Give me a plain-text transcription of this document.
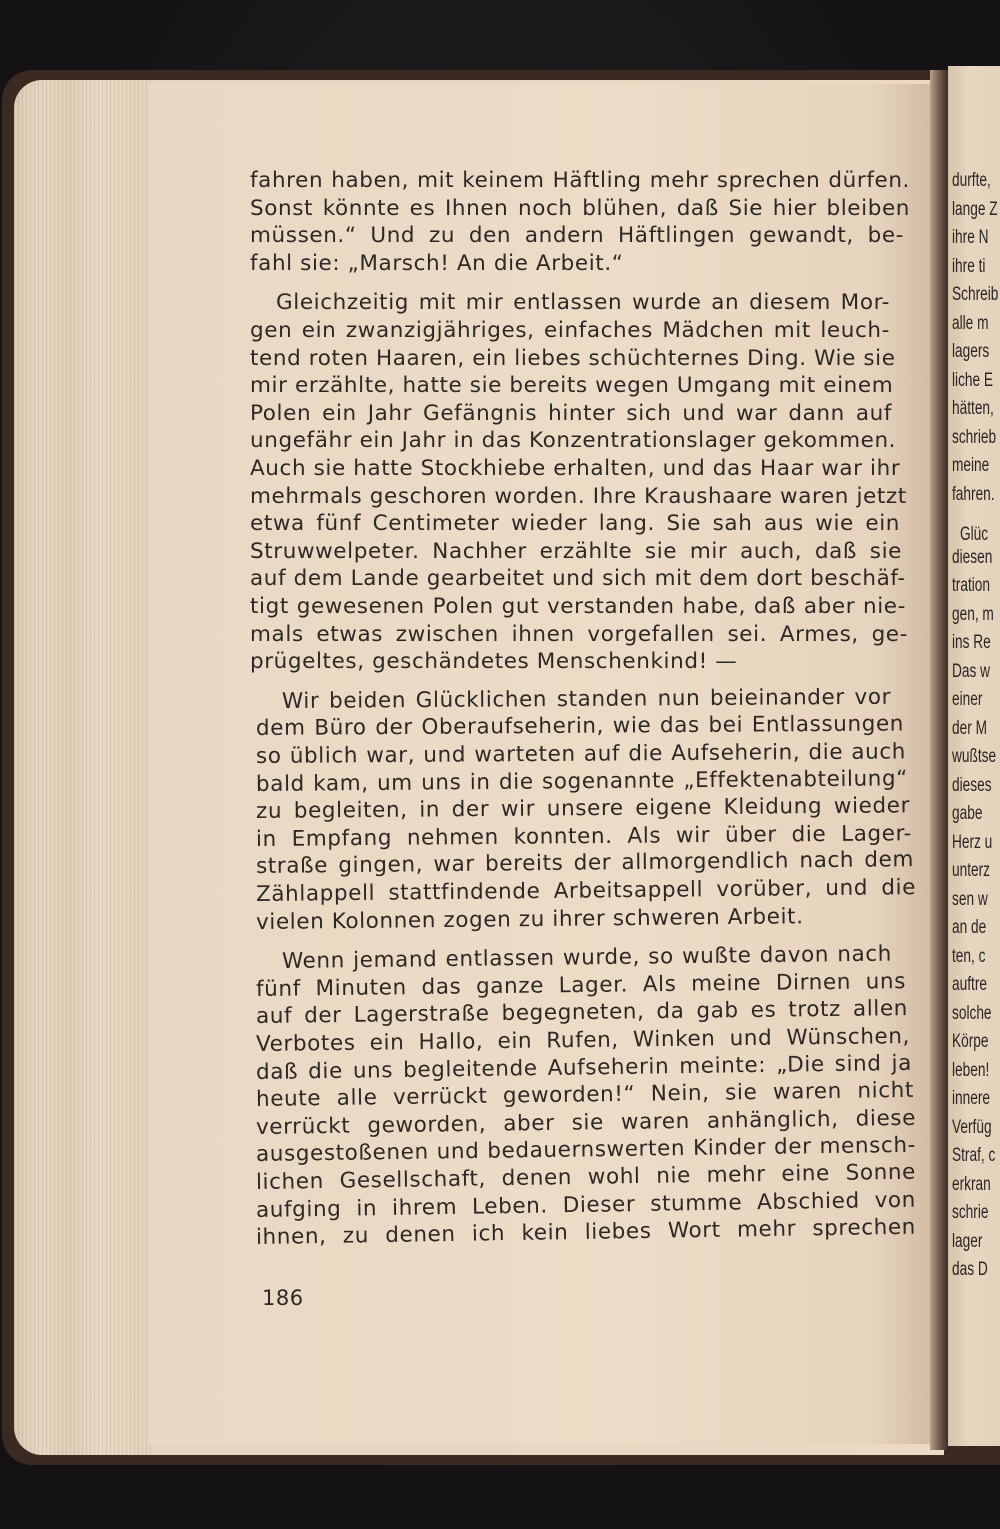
durfte,
lange Z
ihre N
ihre ti
Schreib
alle m
lagers
liche E
hätten,
schrieb
meine
fahren.
Glüc
diesen
tration
gen, m
ins Re
Das w
einer
der M
wußtse
dieses
gabe
Herz u
unterz
sen w
an de
ten, c
auftre
solche
Körpe
leben!
innere
Verfüg
Straf, c
erkran
schrie
lager
das D
fahren haben, mit keinem Häftling mehr sprechen dürfen.
Sonst könnte es Ihnen noch blühen, daß Sie hier bleiben
müssen.“ Und zu den andern Häftlingen gewandt, be-
fahl sie: „Marsch! An die Arbeit.“
Gleichzeitig mit mir entlassen wurde an diesem Mor-
gen ein zwanzigjähriges, einfaches Mädchen mit leuch-
tend roten Haaren, ein liebes schüchternes Ding. Wie sie
mir erzählte, hatte sie bereits wegen Umgang mit einem
Polen ein Jahr Gefängnis hinter sich und war dann auf
ungefähr ein Jahr in das Konzentrationslager gekommen.
Auch sie hatte Stockhiebe erhalten, und das Haar war ihr
mehrmals geschoren worden. Ihre Kraushaare waren jetzt
etwa fünf Centimeter wieder lang. Sie sah aus wie ein
Struwwelpeter. Nachher erzählte sie mir auch, daß sie
auf dem Lande gearbeitet und sich mit dem dort beschäf-
tigt gewesenen Polen gut verstanden habe, daß aber nie-
mals etwas zwischen ihnen vorgefallen sei. Armes, ge-
prügeltes, geschändetes Menschenkind! —
Wir beiden Glücklichen standen nun beieinander vor
dem Büro der Oberaufseherin, wie das bei Entlassungen
so üblich war, und warteten auf die Aufseherin, die auch
bald kam, um uns in die sogenannte „Effektenabteilung“
zu begleiten, in der wir unsere eigene Kleidung wieder
in Empfang nehmen konnten. Als wir über die Lager-
straße gingen, war bereits der allmorgendlich nach dem
Zählappell stattfindende Arbeitsappell vorüber, und die
vielen Kolonnen zogen zu ihrer schweren Arbeit.
Wenn jemand entlassen wurde, so wußte davon nach
fünf Minuten das ganze Lager. Als meine Dirnen uns
auf der Lagerstraße begegneten, da gab es trotz allen
Verbotes ein Hallo, ein Rufen, Winken und Wünschen,
daß die uns begleitende Aufseherin meinte: „Die sind ja
heute alle verrückt geworden!“ Nein, sie waren nicht
verrückt geworden, aber sie waren anhänglich, diese
ausgestoßenen und bedauernswerten Kinder der mensch-
lichen Gesellschaft, denen wohl nie mehr eine Sonne
aufging in ihrem Leben. Dieser stumme Abschied von
ihnen, zu denen ich kein liebes Wort mehr sprechen
186
